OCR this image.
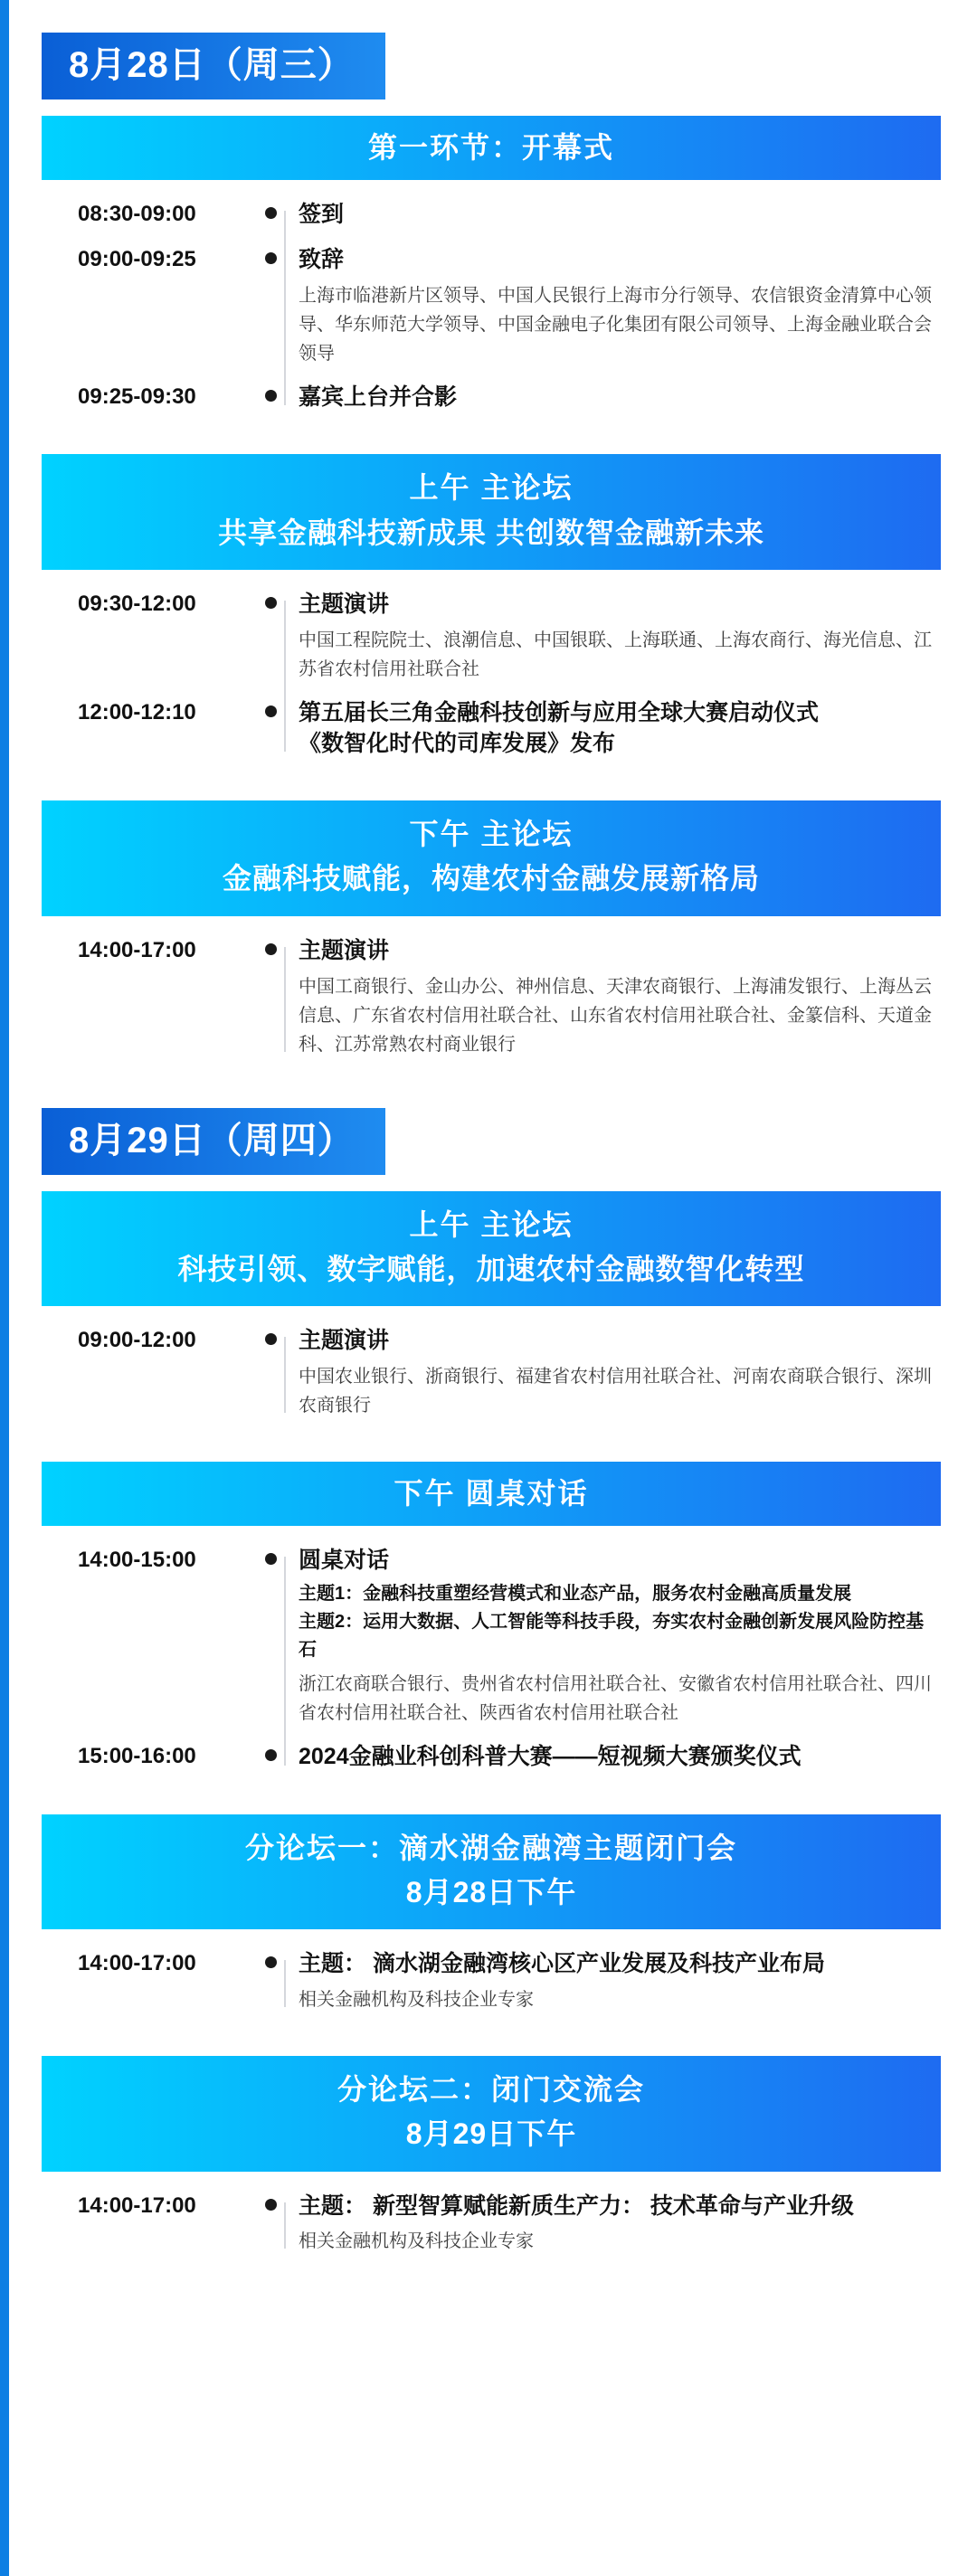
8月28日（周三）
第一环节：开幕式
08:30-09:00	签到
09:00-09:25	致辞
上海市临港新片区领导、中国人民银行上海市分行领导、农信银资金清算中心领导、华东师范大学领导、中国金融电子化集团有限公司领导、上海金融业联合会领导
09:25-09:30	嘉宾上台并合影
上午 主论坛
共享金融科技新成果 共创数智金融新未来
09:30-12:00	主题演讲
中国工程院院士、浪潮信息、中国银联、上海联通、上海农商行、海光信息、江苏省农村信用社联合社
12:00-12:10	第五届长三角金融科技创新与应用全球大赛启动仪式
《数智化时代的司库发展》发布
下午 主论坛
金融科技赋能，构建农村金融发展新格局
14:00-17:00	主题演讲
中国工商银行、金山办公、神州信息、天津农商银行、上海浦发银行、上海丛云信息、广东省农村信用社联合社、山东省农村信用社联合社、金篆信科、天道金科、江苏常熟农村商业银行
8月29日（周四）
上午 主论坛
科技引领、数字赋能，加速农村金融数智化转型
09:00-12:00	主题演讲
中国农业银行、浙商银行、福建省农村信用社联合社、河南农商联合银行、深圳农商银行
下午 圆桌对话
14:00-15:00	圆桌对话
主题1：金融科技重塑经营模式和业态产品，服务农村金融高质量发展
主题2：运用大数据、人工智能等科技手段，夯实农村金融创新发展风险防控基石
浙江农商联合银行、贵州省农村信用社联合社、安徽省农村信用社联合社、四川省农村信用社联合社、陕西省农村信用社联合社
15:00-16:00	2024金融业科创科普大赛——短视频大赛颁奖仪式
分论坛一：滴水湖金融湾主题闭门会
8月28日下午
14:00-17:00	主题： 滴水湖金融湾核心区产业发展及科技产业布局
相关金融机构及科技企业专家
分论坛二：闭门交流会
8月29日下午
14:00-17:00	主题： 新型智算赋能新质生产力： 技术革命与产业升级
相关金融机构及科技企业专家
